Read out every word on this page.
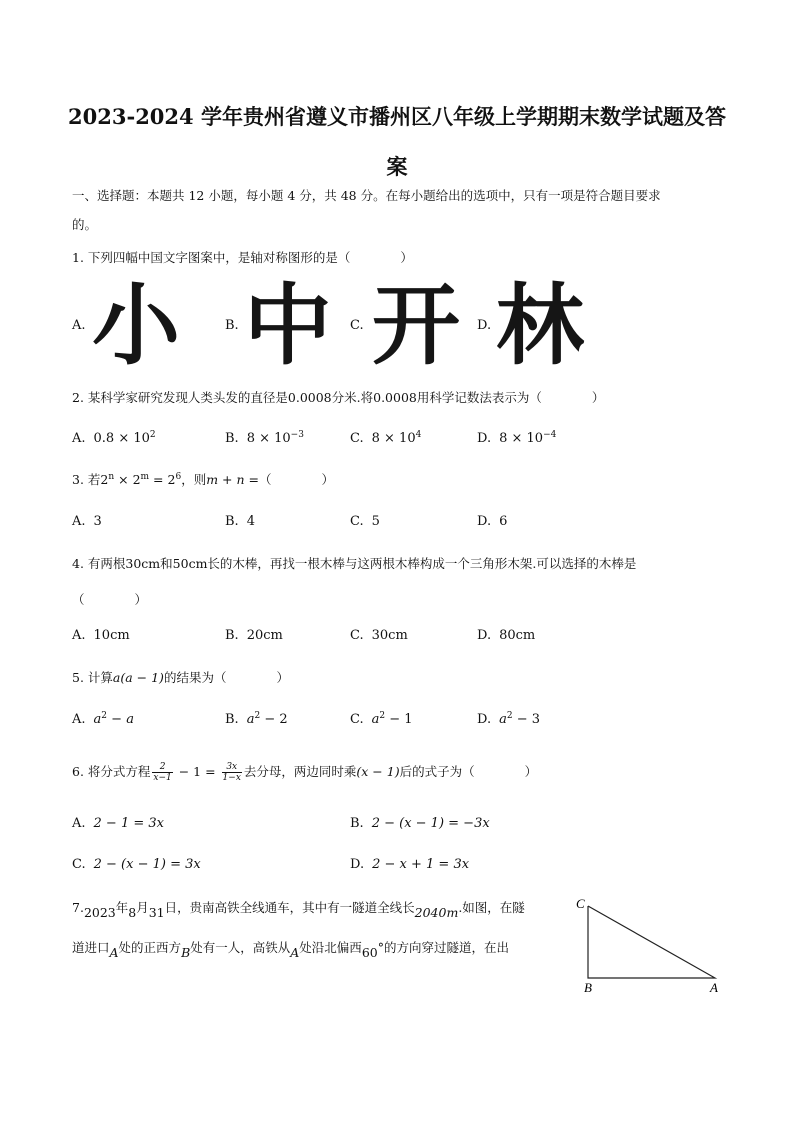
2023-2024 学年贵州省遵义市播州区八年级上学期期末数学试题及答
案
一、选择题：本题共 12 小题，每小题 4 分，共 48 分。在每小题给出的选项中，只有一项是符合题目要求
的。
1. 下列四幅中国文字图案中，是轴对称图形的是（　　　　）
A. 小	B. 中 C. 开 D. 林
2. 某科学家研究发现人类头发的直径是0.0008分米.将0.0008用科学记数法表示为（　　　　）
A. $0.8 \times 10^2$	B. $8 \times 10^{-3}$	C. $8 \times 10^4$	D. $8 \times 10^{-4}$
3. 若$2^n \times 2^m = 2^6$，则m + n =（　　　　）
A. 3	B. 4	C. 5	D. 6
4. 有两根30cm和50cm长的木棒，再找一根木棒与这两根木棒构成一个三角形木架.可以选择的木棒是
（　　　　）
A. 10cm	B. 20cm	C. 30cm	D. 80cm
5. 计算a(a − 1)的结果为（　　　　）
A. $a^2 - a$	B. $a^2 - 2$	C. $a^2 - 1$	D. $a^2 - 3$
6. 将分式方程 $\frac{2}{x-1} - 1 = \frac{3x}{1-x}$ 去分母，两边同时乘(x − 1)后的式子为（　　　　）
A. 2 − 1 = 3x	B. 2 − (x − 1) = −3x
C. 2 − (x − 1) = 3x	D. 2 − x + 1 = 3x
7.2023年8月31日，贵南高铁全线通车，其中有一隧道全线长2040m.如图，在隧
道进口A处的正西方B处有一人，高铁从A处沿北偏西60°的方向穿过隧道，在出
C
B	A
